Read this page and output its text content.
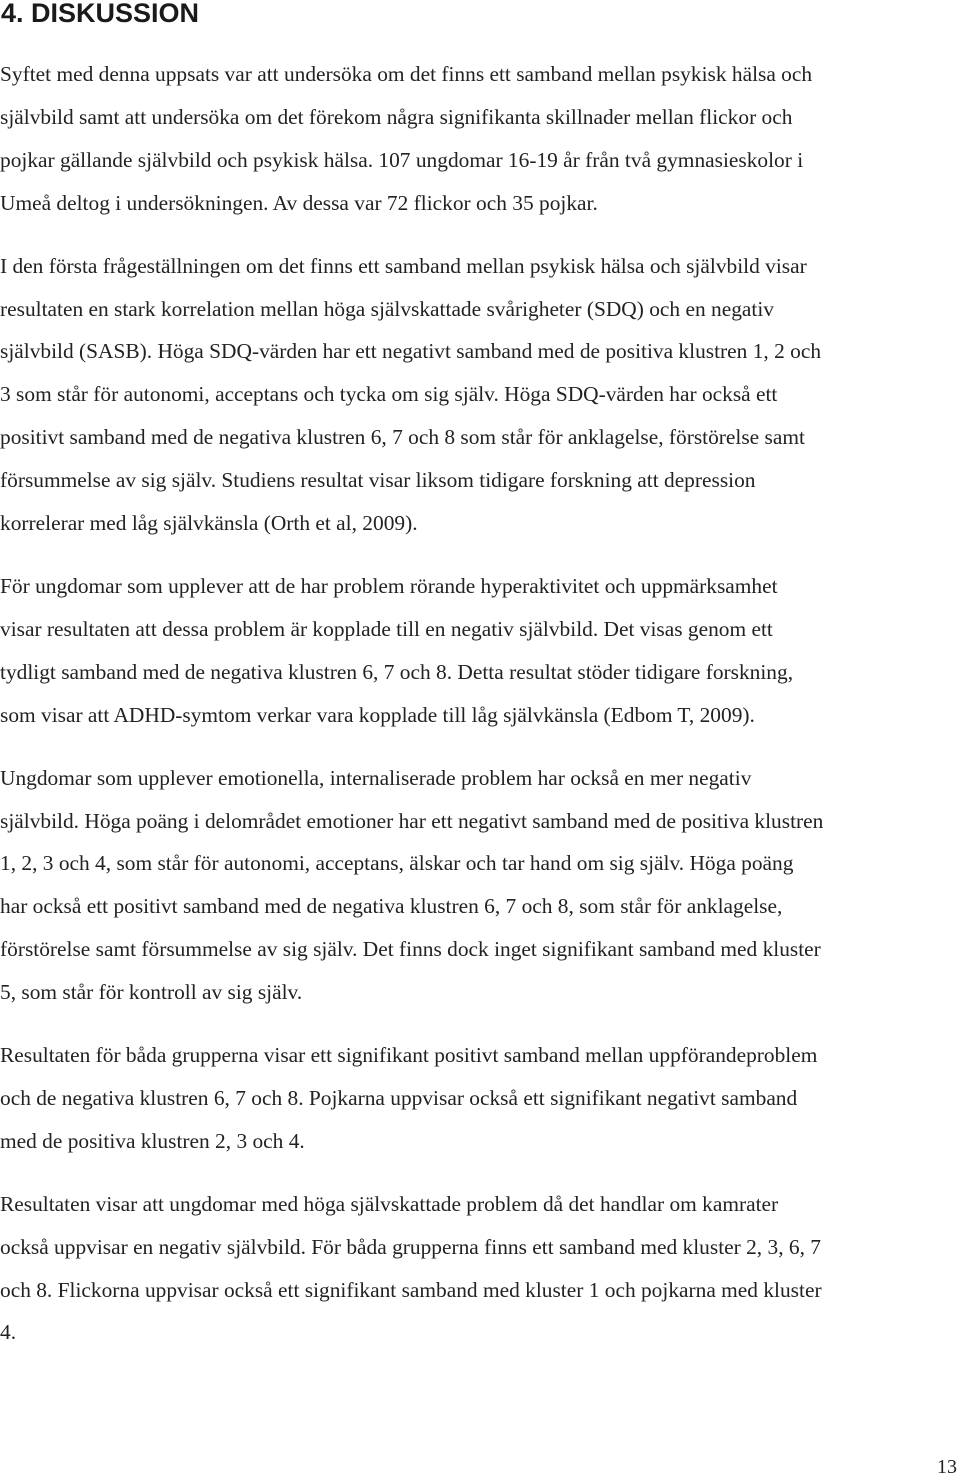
4. DISKUSSION

Syftet med denna uppsats var att undersöka om det finns ett samband mellan psykisk hälsa och
självbild samt att undersöka om det förekom några signifikanta skillnader mellan flickor och
pojkar gällande självbild och psykisk hälsa. 107 ungdomar 16-19 år från två gymnasieskolor i
Umeå deltog i undersökningen. Av dessa var 72 flickor och 35 pojkar.

I den första frågeställningen om det finns ett samband mellan psykisk hälsa och självbild visar
resultaten en stark korrelation mellan höga självskattade svårigheter (SDQ) och en negativ
självbild (SASB). Höga SDQ-värden har ett negativt samband med de positiva klustren 1, 2 och
3 som står för autonomi, acceptans och tycka om sig själv. Höga SDQ-värden har också ett
positivt samband med de negativa klustren 6, 7 och 8 som står för anklagelse, förstörelse samt
försummelse av sig själv. Studiens resultat visar liksom tidigare forskning att depression
korrelerar med låg självkänsla (Orth et al, 2009).

För ungdomar som upplever att de har problem rörande hyperaktivitet och uppmärksamhet
visar resultaten att dessa problem är kopplade till en negativ självbild. Det visas genom ett
tydligt samband med de negativa klustren 6, 7 och 8. Detta resultat stöder tidigare forskning,
som visar att ADHD-symtom verkar vara kopplade till låg självkänsla (Edbom T, 2009).

Ungdomar som upplever emotionella, internaliserade problem har också en mer negativ
självbild. Höga poäng i delområdet emotioner har ett negativt samband med de positiva klustren
1, 2, 3 och 4, som står för autonomi, acceptans, älskar och tar hand om sig själv. Höga poäng
har också ett positivt samband med de negativa klustren 6, 7 och 8, som står för anklagelse,
förstörelse samt försummelse av sig själv. Det finns dock inget signifikant samband med kluster
5, som står för kontroll av sig själv.

Resultaten för båda grupperna visar ett signifikant positivt samband mellan uppförandeproblem
och de negativa klustren 6, 7 och 8. Pojkarna uppvisar också ett signifikant negativt samband
med de positiva klustren 2, 3 och 4.

Resultaten visar att ungdomar med höga självskattade problem då det handlar om kamrater
också uppvisar en negativ självbild. För båda grupperna finns ett samband med kluster 2, 3, 6, 7
och 8. Flickorna uppvisar också ett signifikant samband med kluster 1 och pojkarna med kluster
4.

13
